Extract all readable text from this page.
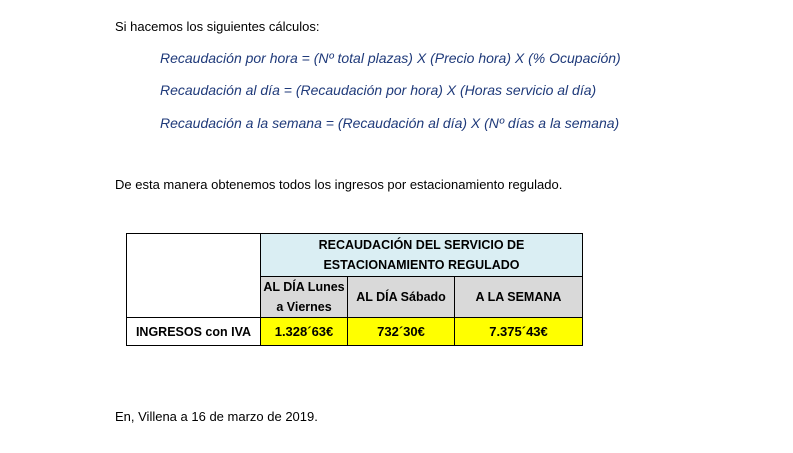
Si hacemos los siguientes cálculos:
Recaudación por hora = (Nº total plazas) X (Precio hora) X (% Ocupación)
Recaudación al día = (Recaudación por hora) X (Horas servicio al día)
Recaudación a la semana = (Recaudación al día) X (Nº días a la semana)
De esta manera obtenemos todos los ingresos por estacionamiento regulado.

	RECAUDACIÓN DEL SERVICIO DE
ESTACIONAMIENTO REGULADO		

	AL DÍA Lunes
a Viernes	AL DÍA Sábado	A LA SEMANA
INGRESOS con IVA	1.328´63€	732´30€	7.375´43€
En, Villena a 16 de marzo de 2019.
